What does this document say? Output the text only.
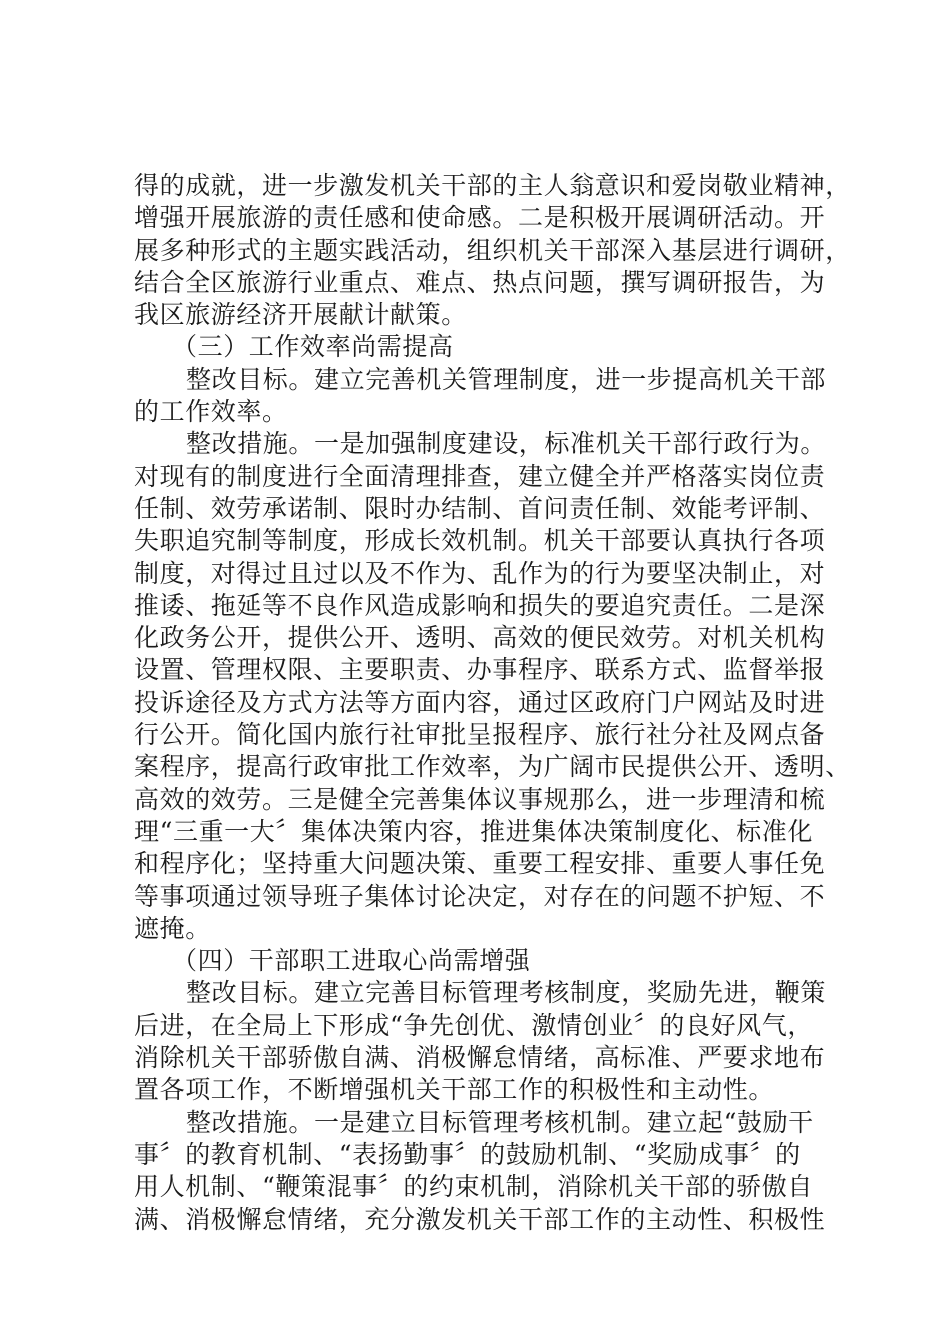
得的成就，进一步激发机关干部的主人翁意识和爱岗敬业精神，
增强开展旅游的责任感和使命感。二是积极开展调研活动。开
展多种形式的主题实践活动，组织机关干部深入基层进行调研，
结合全区旅游行业重点、难点、热点问题，撰写调研报告，为
我区旅游经济开展献计献策。
（三）工作效率尚需提高
整改目标。建立完善机关管理制度，进一步提高机关干部
的工作效率。
整改措施。一是加强制度建设，标准机关干部行政行为。
对现有的制度进行全面清理排查，建立健全并严格落实岗位责
任制、效劳承诺制、限时办结制、首问责任制、效能考评制、
失职追究制等制度，形成长效机制。机关干部要认真执行各项
制度，对得过且过以及不作为、乱作为的行为要坚决制止，对
推诿、拖延等不良作风造成影响和损失的要追究责任。二是深
化政务公开，提供公开、透明、高效的便民效劳。对机关机构
设置、管理权限、主要职责、办事程序、联系方式、监督举报
投诉途径及方式方法等方面内容，通过区政府门户网站及时进
行公开。简化国内旅行社审批呈报程序、旅行社分社及网点备
案程序，提高行政审批工作效率，为广阔市民提供公开、透明、
高效的效劳。三是健全完善集体议事规那么，进一步理清和梳
理“三重一大〞集体决策内容，推进集体决策制度化、标准化
和程序化；坚持重大问题决策、重要工程安排、重要人事任免
等事项通过领导班子集体讨论决定，对存在的问题不护短、不
遮掩。
（四）干部职工进取心尚需增强
整改目标。建立完善目标管理考核制度，奖励先进，鞭策
后进，在全局上下形成“争先创优、激情创业〞的良好风气，
消除机关干部骄傲自满、消极懈怠情绪，高标准、严要求地布
置各项工作，不断增强机关干部工作的积极性和主动性。
整改措施。一是建立目标管理考核机制。建立起“鼓励干
事〞的教育机制、“表扬勤事〞的鼓励机制、“奖励成事〞的
用人机制、“鞭策混事〞的约束机制，消除机关干部的骄傲自
满、消极懈怠情绪，充分激发机关干部工作的主动性、积极性
